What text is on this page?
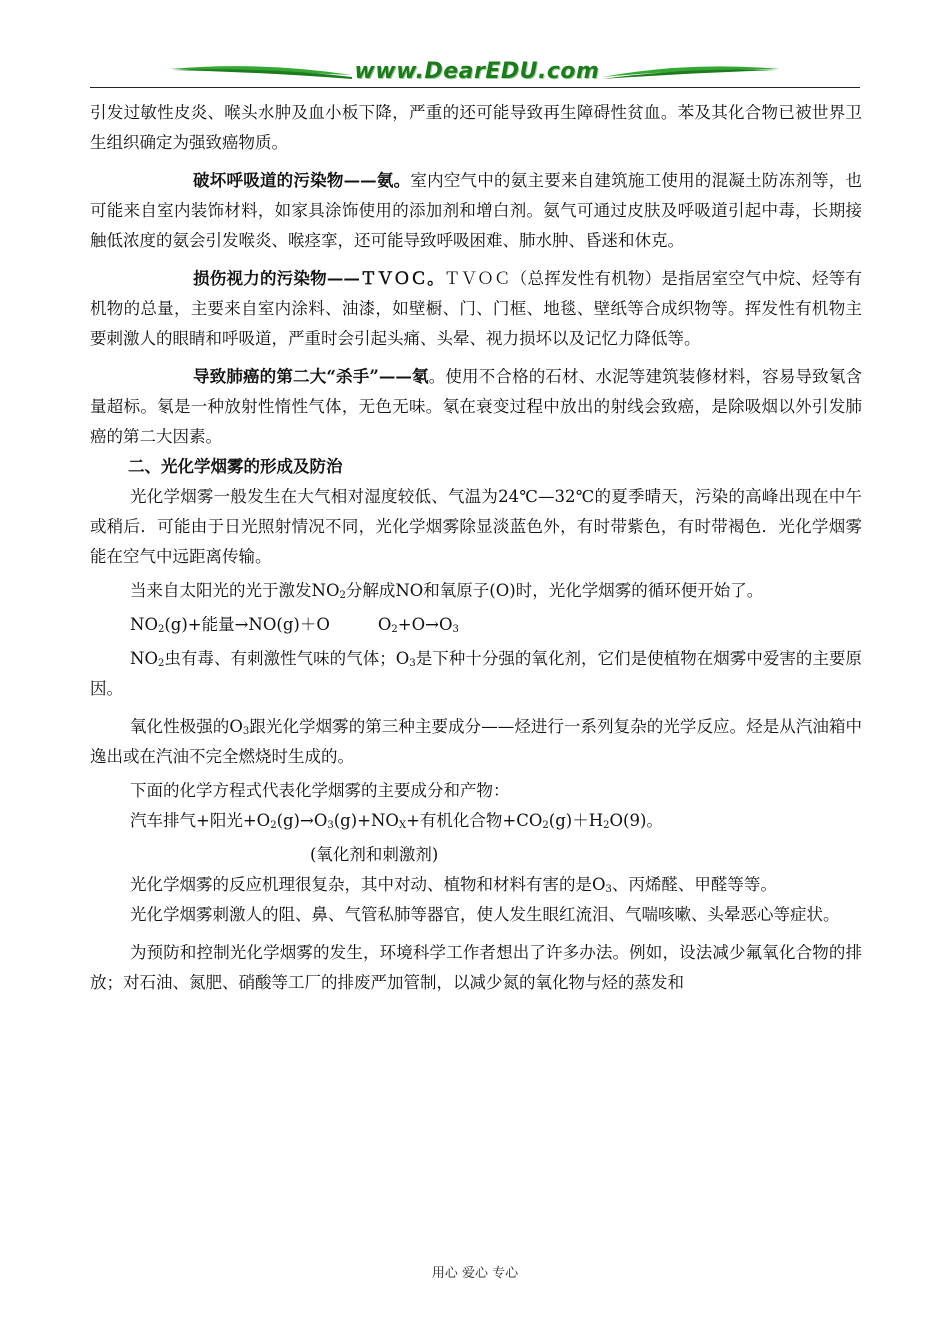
www.DearEDU.com

引发过敏性皮炎、喉头水肿及血小板下降，严重的还可能导致再生障碍性贫血。苯及其化合物已被世界卫生组织确定为强致癌物质。

破坏呼吸道的污染物——氨。室内空气中的氨主要来自建筑施工使用的混凝土防冻剂等，也可能来自室内装饰材料，如家具涂饰使用的添加剂和增白剂。氨气可通过皮肤及呼吸道引起中毒，长期接触低浓度的氨会引发喉炎、喉痉挛，还可能导致呼吸困难、肺水肿、昏迷和休克。

损伤视力的污染物——ＴＶＯＣ。ＴＶＯＣ（总挥发性有机物）是指居室空气中烷、烃等有机物的总量，主要来自室内涂料、油漆，如壁橱、门、门框、地毯、壁纸等合成织物等。挥发性有机物主要刺激人的眼睛和呼吸道，严重时会引起头痛、头晕、视力损坏以及记忆力降低等。

导致肺癌的第二大“杀手”——氡。使用不合格的石材、水泥等建筑装修材料，容易导致氡含量超标。氡是一种放射性惰性气体，无色无味。氡在衰变过程中放出的射线会致癌，是除吸烟以外引发肺癌的第二大因素。

二、光化学烟雾的形成及防治

光化学烟雾一般发生在大气相对湿度较低、气温为24℃—32℃的夏季晴天，污染的高峰出现在中午或稍后．可能由于日光照射情况不同，光化学烟雾除显淡蓝色外，有时带紫色，有时带褐色．光化学烟雾能在空气中远距离传输。

当来自太阳光的光于激发$NO_2$分解成NO和氧原子(O)时，光化学烟雾的循环便开始了。

$NO_2(g)+$能量→NO(g)＋O	$O_2+O\to O_3$

$NO_2$虫有毒、有刺激性气味的气体；$O_3$是下种十分强的氧化剂，它们是使植物在烟雾中爱害的主要原因。

氧化性极强的$O_3$跟光化学烟雾的第三种主要成分——烃进行一系列复杂的光学反应。烃是从汽油箱中逸出或在汽油不完全燃烧时生成的。

下面的化学方程式代表化学烟雾的主要成分和产物：

汽车排气+阳光$+O_2(g)\to O_3(g)+NO_X+$有机化合物$+CO_2(g)+H_2O(9)$。

(氧化剂和刺激剂)

光化学烟雾的反应机理很复杂，其中对动、植物和材料有害的是$O_3$、丙烯醛、甲醛等等。

光化学烟雾刺激人的阻、鼻、气管私肺等器官，使人发生眼红流泪、气喘咳嗽、头晕恶心等症状。

为预防和控制光化学烟雾的发生，环境科学工作者想出了许多办法。例如，设法减少氟氧化合物的排放；对石油、氮肥、硝酸等工厂的排废严加管制，以减少氮的氧化物与烃的蒸发和

用心 爱心 专心
